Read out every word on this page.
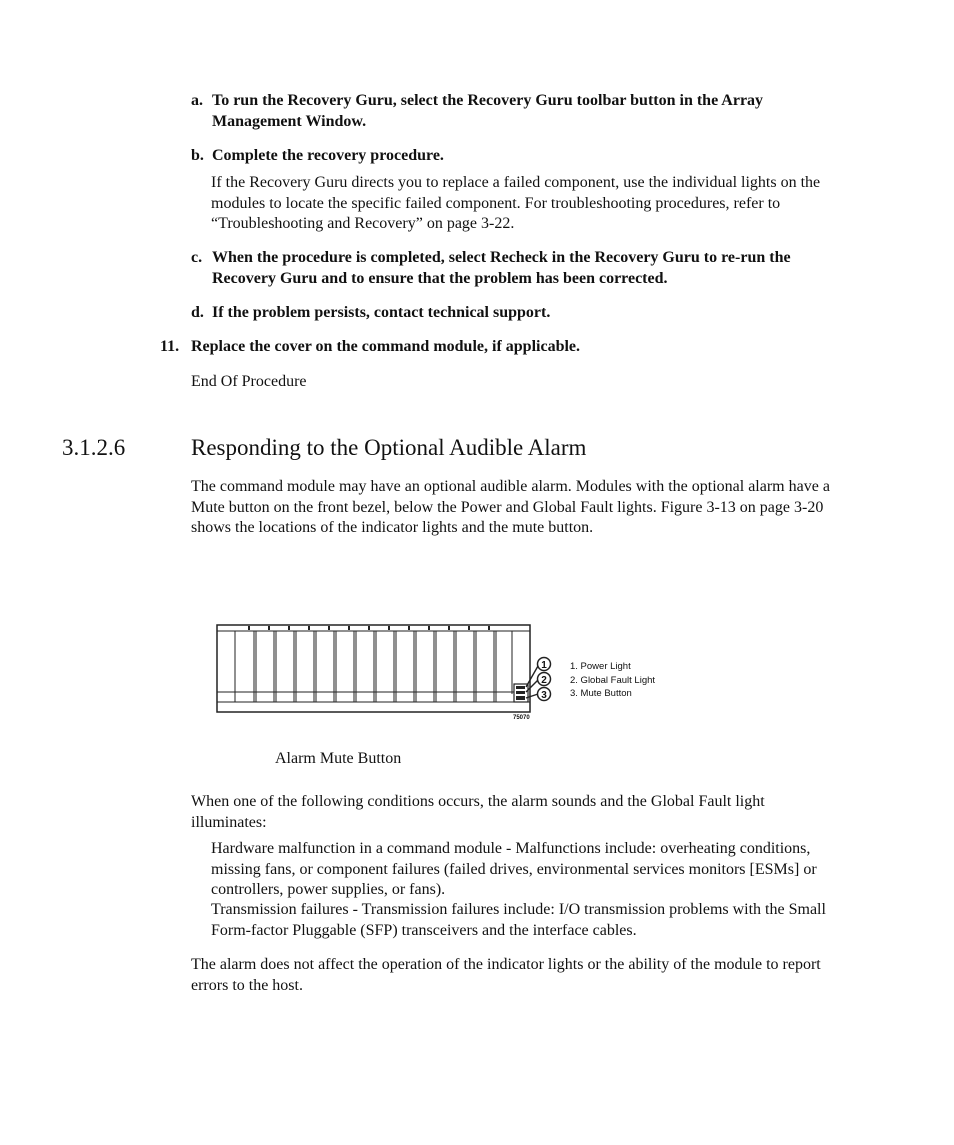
a. To run the Recovery Guru, select the Recovery Guru toolbar button in the Array Management Window.
b. Complete the recovery procedure.
If the Recovery Guru directs you to replace a failed component, use the individual lights on the modules to locate the specific failed component. For troubleshooting procedures, refer to “Troubleshooting and Recovery” on page 3-22.
c. When the procedure is completed, select Recheck in the Recovery Guru to re-run the Recovery Guru and to ensure that the problem has been corrected.
d. If the problem persists, contact technical support.
11. Replace the cover on the command module, if applicable.
End Of Procedure
3.1.2.6	Responding to the Optional Audible Alarm
The command module may have an optional audible alarm. Modules with the optional alarm have a Mute button on the front bezel, below the Power and Global Fault lights. Figure 3-13 on page 3-20 shows the locations of the indicator lights and the mute button.
1
2
3
1. Power Light
2. Global Fault Light
3. Mute Button
75070
Alarm Mute Button
When one of the following conditions occurs, the alarm sounds and the Global Fault light illuminates:
Hardware malfunction in a command module - Malfunctions include: overheating conditions, missing fans, or component failures (failed drives, environmental services monitors [ESMs] or controllers, power supplies, or fans).
Transmission failures - Transmission failures include: I/O transmission problems with the Small Form-factor Pluggable (SFP) transceivers and the interface cables.
The alarm does not affect the operation of the indicator lights or the ability of the module to report errors to the host.
